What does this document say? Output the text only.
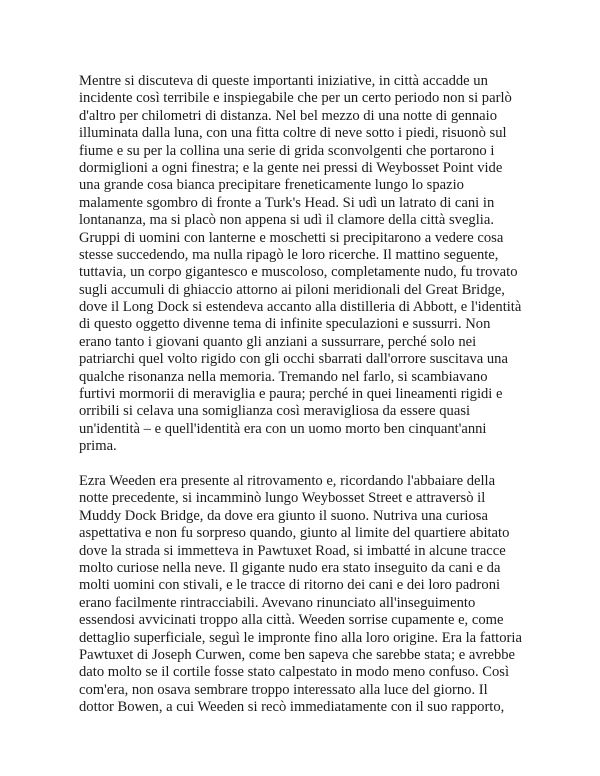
Mentre si discuteva di queste importanti iniziative, in città accadde un
incidente così terribile e inspiegabile che per un certo periodo non si parlò
d'altro per chilometri di distanza. Nel bel mezzo di una notte di gennaio
illuminata dalla luna, con una fitta coltre di neve sotto i piedi, risuonò sul
fiume e su per la collina una serie di grida sconvolgenti che portarono i
dormiglioni a ogni finestra; e la gente nei pressi di Weybosset Point vide
una grande cosa bianca precipitare freneticamente lungo lo spazio
malamente sgombro di fronte a Turk's Head. Si udì un latrato di cani in
lontananza, ma si placò non appena si udì il clamore della città sveglia.
Gruppi di uomini con lanterne e moschetti si precipitarono a vedere cosa
stesse succedendo, ma nulla ripagò le loro ricerche. Il mattino seguente,
tuttavia, un corpo gigantesco e muscoloso, completamente nudo, fu trovato
sugli accumuli di ghiaccio attorno ai piloni meridionali del Great Bridge,
dove il Long Dock si estendeva accanto alla distilleria di Abbott, e l'identità
di questo oggetto divenne tema di infinite speculazioni e sussurri. Non
erano tanto i giovani quanto gli anziani a sussurrare, perché solo nei
patriarchi quel volto rigido con gli occhi sbarrati dall'orrore suscitava una
qualche risonanza nella memoria. Tremando nel farlo, si scambiavano
furtivi mormorii di meraviglia e paura; perché in quei lineamenti rigidi e
orribili si celava una somiglianza così meravigliosa da essere quasi
un'identità – e quell'identità era con un uomo morto ben cinquant'anni
prima.
Ezra Weeden era presente al ritrovamento e, ricordando l'abbaiare della
notte precedente, si incamminò lungo Weybosset Street e attraversò il
Muddy Dock Bridge, da dove era giunto il suono. Nutriva una curiosa
aspettativa e non fu sorpreso quando, giunto al limite del quartiere abitato
dove la strada si immetteva in Pawtuxet Road, si imbatté in alcune tracce
molto curiose nella neve. Il gigante nudo era stato inseguito da cani e da
molti uomini con stivali, e le tracce di ritorno dei cani e dei loro padroni
erano facilmente rintracciabili. Avevano rinunciato all'inseguimento
essendosi avvicinati troppo alla città. Weeden sorrise cupamente e, come
dettaglio superficiale, seguì le impronte fino alla loro origine. Era la fattoria
Pawtuxet di Joseph Curwen, come ben sapeva che sarebbe stata; e avrebbe
dato molto se il cortile fosse stato calpestato in modo meno confuso. Così
com'era, non osava sembrare troppo interessato alla luce del giorno. Il
dottor Bowen, a cui Weeden si recò immediatamente con il suo rapporto,
